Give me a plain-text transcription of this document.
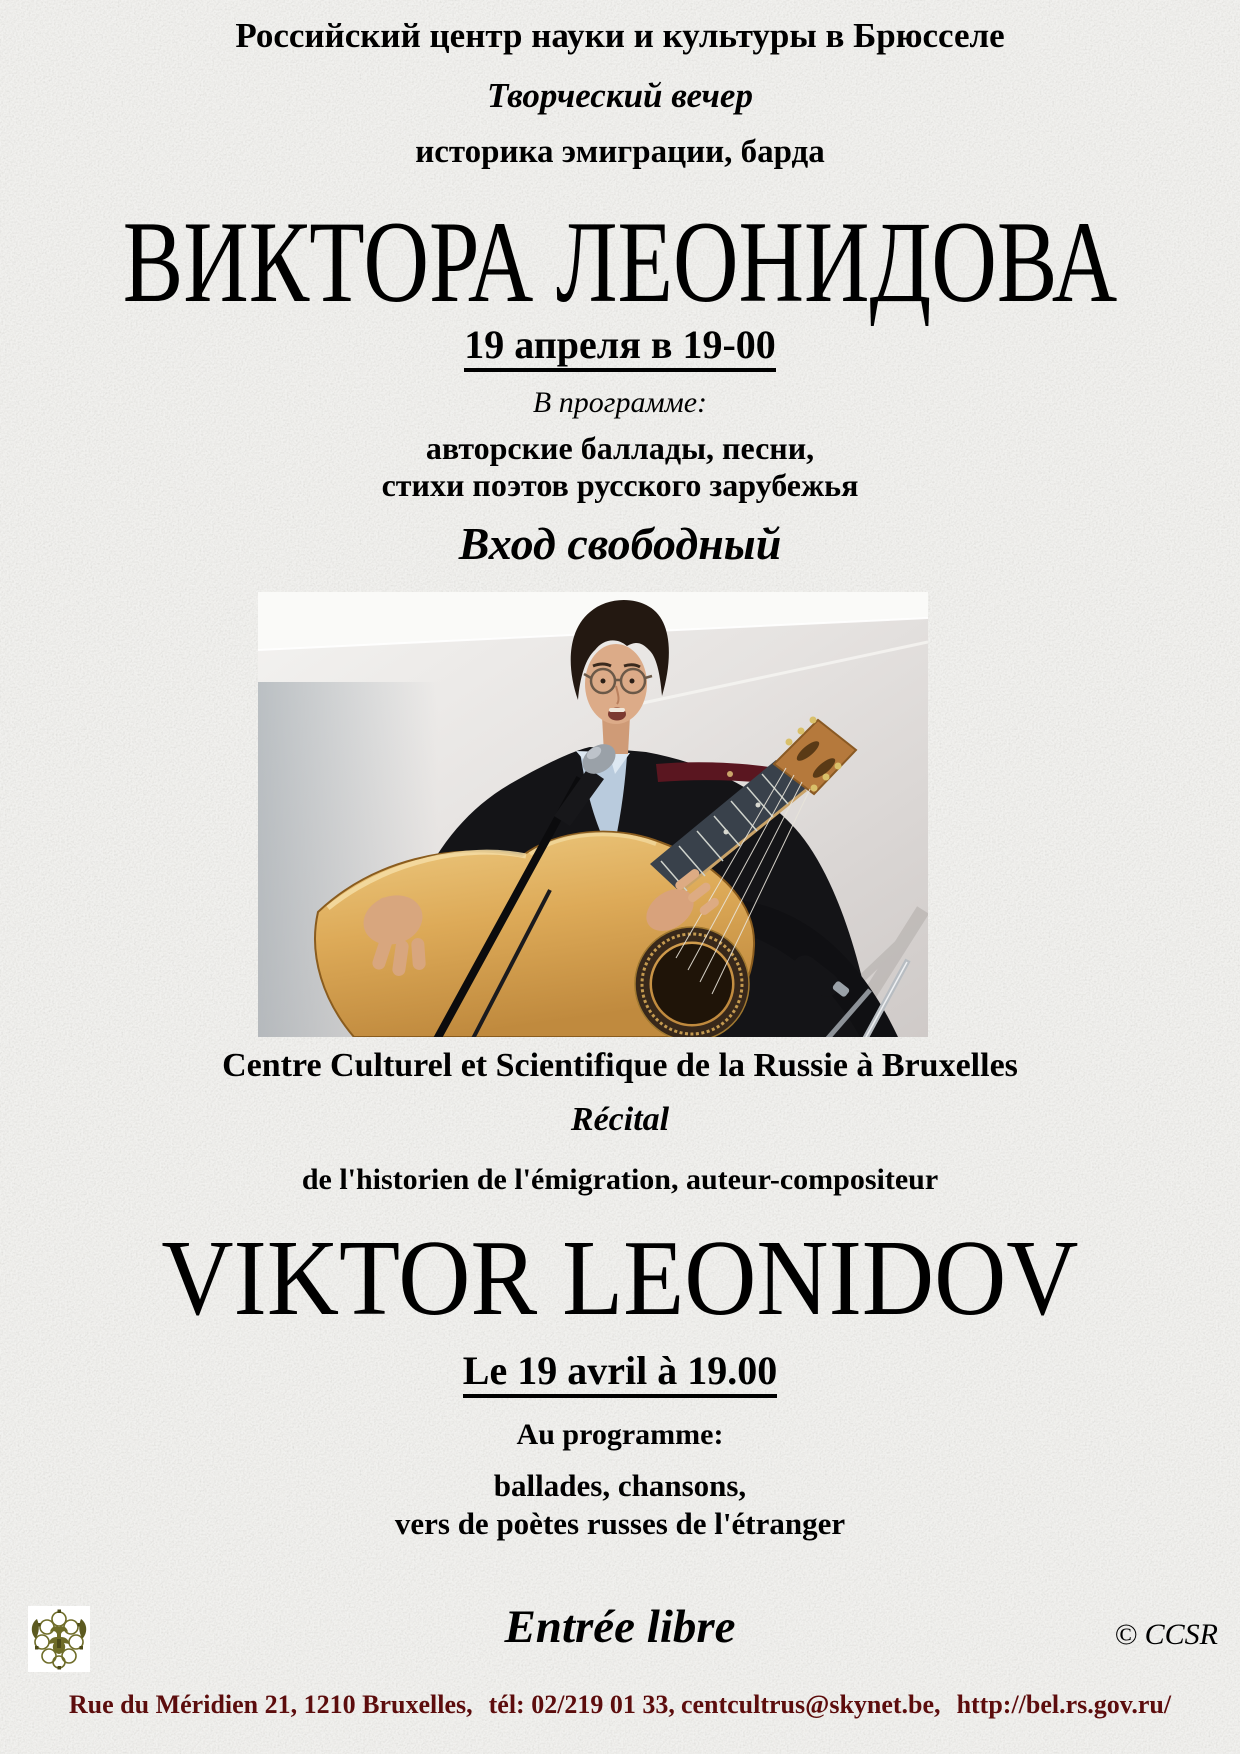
Российский центр науки и культуры в Брюсселе
Творческий вечер
историка эмиграции, барда
ВИКТОРА ЛЕОНИДОВА
19 апреля в 19-00
В программе:
авторские баллады, песни,
стихи поэтов русского зарубежья
Вход свободный
Centre Culturel et Scientifique de la Russie à Bruxelles
Récital
de l'historien de l'émigration, auteur-compositeur
VIKTOR LEONIDOV
Le 19 avril à 19.00
Au programme:
ballades, chansons,
vers de poètes russes de l'étranger
Entrée libre	© CCSR
Rue du Méridien 21, 1210 Bruxelles, tél: 02/219 01 33, centcultrus@skynet.be, http://bel.rs.gov.ru/
